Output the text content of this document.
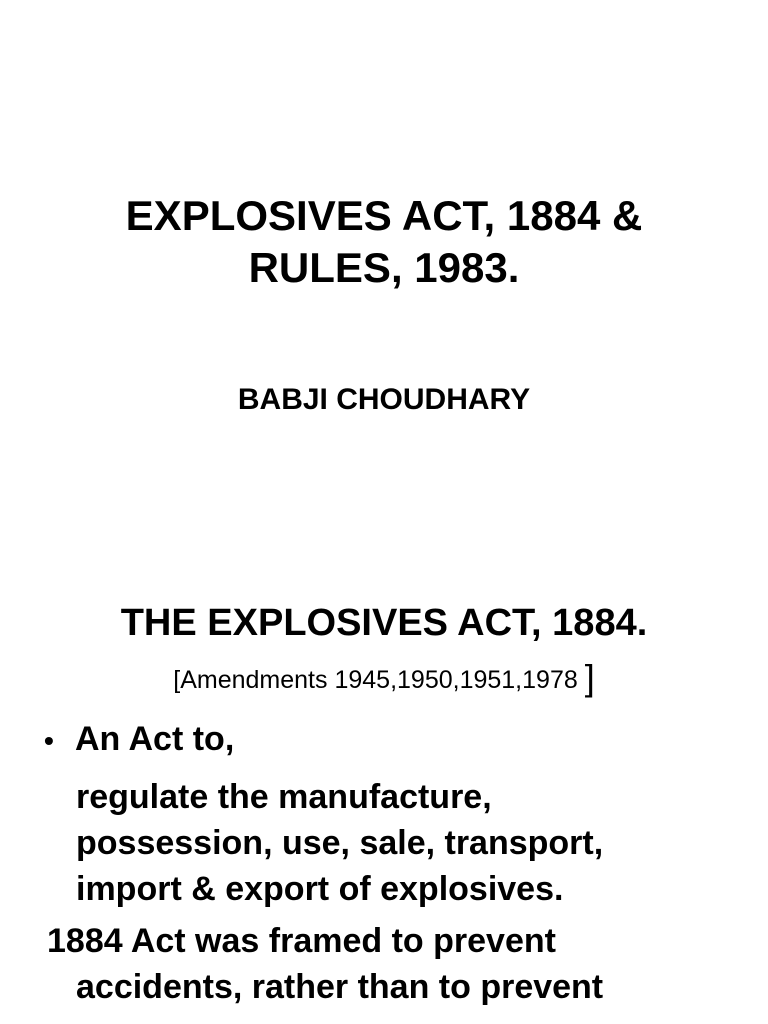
EXPLOSIVES ACT, 1884 &
RULES, 1983.
BABJI CHOUDHARY
THE EXPLOSIVES ACT, 1884.
[Amendments 1945,1950,1951,1978 ]
• An Act to,
regulate the manufacture,
possession, use, sale, transport,
import & export of explosives.
1884 Act was framed to prevent
accidents, rather than to prevent
